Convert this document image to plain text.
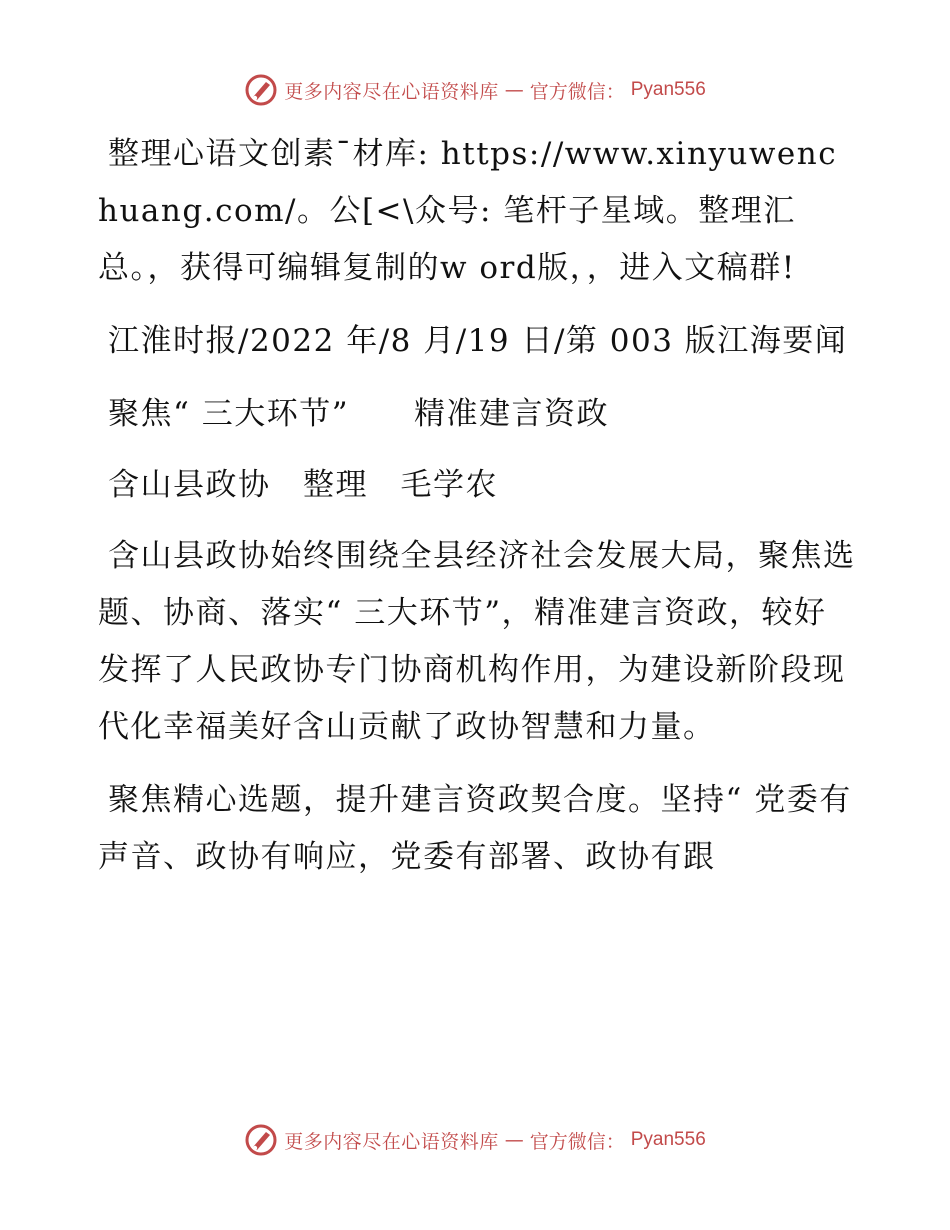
更多内容尽在心语资料库 — 官方微信： Pyan556

整理心语文创素¯材库: https://www.xinyuwenchuang.com/。公[<\众号: 笔杆子星域。整理汇总。，获得可编辑复制的w ord版，，进入文稿群!

江淮时报/2022 年/8 月/19 日/第 003 版江海要闻

聚焦“ 三大环节”　　精准建言资政

含山县政协　整理　毛学农

含山县政协始终围绕全县经济社会发展大局，聚焦选题、协商、落实“ 三大环节”，精准建言资政，较好发挥了人民政协专门协商机构作用，为建设新阶段现代化幸福美好含山贡献了政协智慧和力量。

聚焦精心选题，提升建言资政契合度。坚持“ 党委有声音、政协有响应，党委有部署、政协有跟

更多内容尽在心语资料库 — 官方微信： Pyan556
